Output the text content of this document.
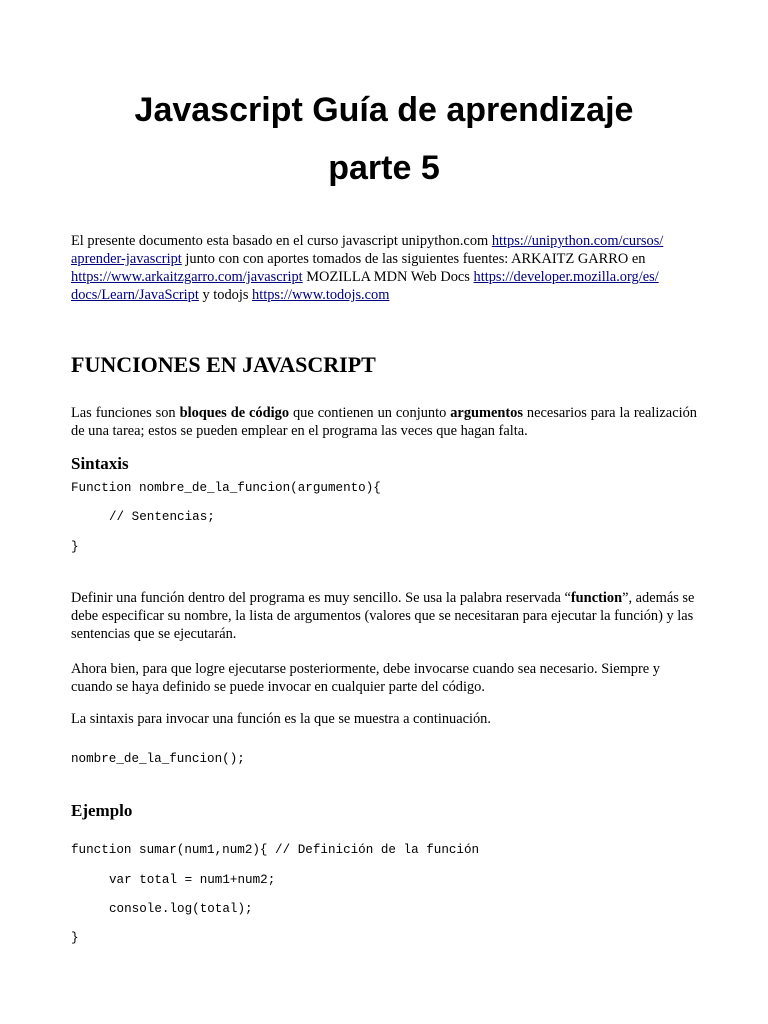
Javascript Guía de aprendizaje
parte 5

El presente documento esta basado en el curso javascript unipython.com https://unipython.com/cursos/
aprender-javascript junto con con aportes tomados de las siguientes fuentes: ARKAITZ GARRO en
https://www.arkaitzgarro.com/javascript MOZILLA MDN Web Docs https://developer.mozilla.org/es/
docs/Learn/JavaScript y todojs https://www.todojs.com

FUNCIONES EN JAVASCRIPT

Las funciones son bloques de código que contienen un conjunto argumentos necesarios para la realización de una tarea; estos se pueden emplear en el programa las veces que hagan falta.

Sintaxis
Function nombre_de_la_funcion(argumento){
// Sentencias;
}

Definir una función dentro del programa es muy sencillo. Se usa la palabra reservada “function”, además se debe especificar su nombre, la lista de argumentos (valores que se necesitaran para ejecutar la función) y las sentencias que se ejecutarán.

Ahora bien, para que logre ejecutarse posteriormente, debe invocarse cuando sea necesario. Siempre y cuando se haya definido se puede invocar en cualquier parte del código.

La sintaxis para invocar una función es la que se muestra a continuación.

nombre_de_la_funcion();
Ejemplo
function sumar(num1,num2){ // Definición de la función
var total = num1+num2;
console.log(total);
}
